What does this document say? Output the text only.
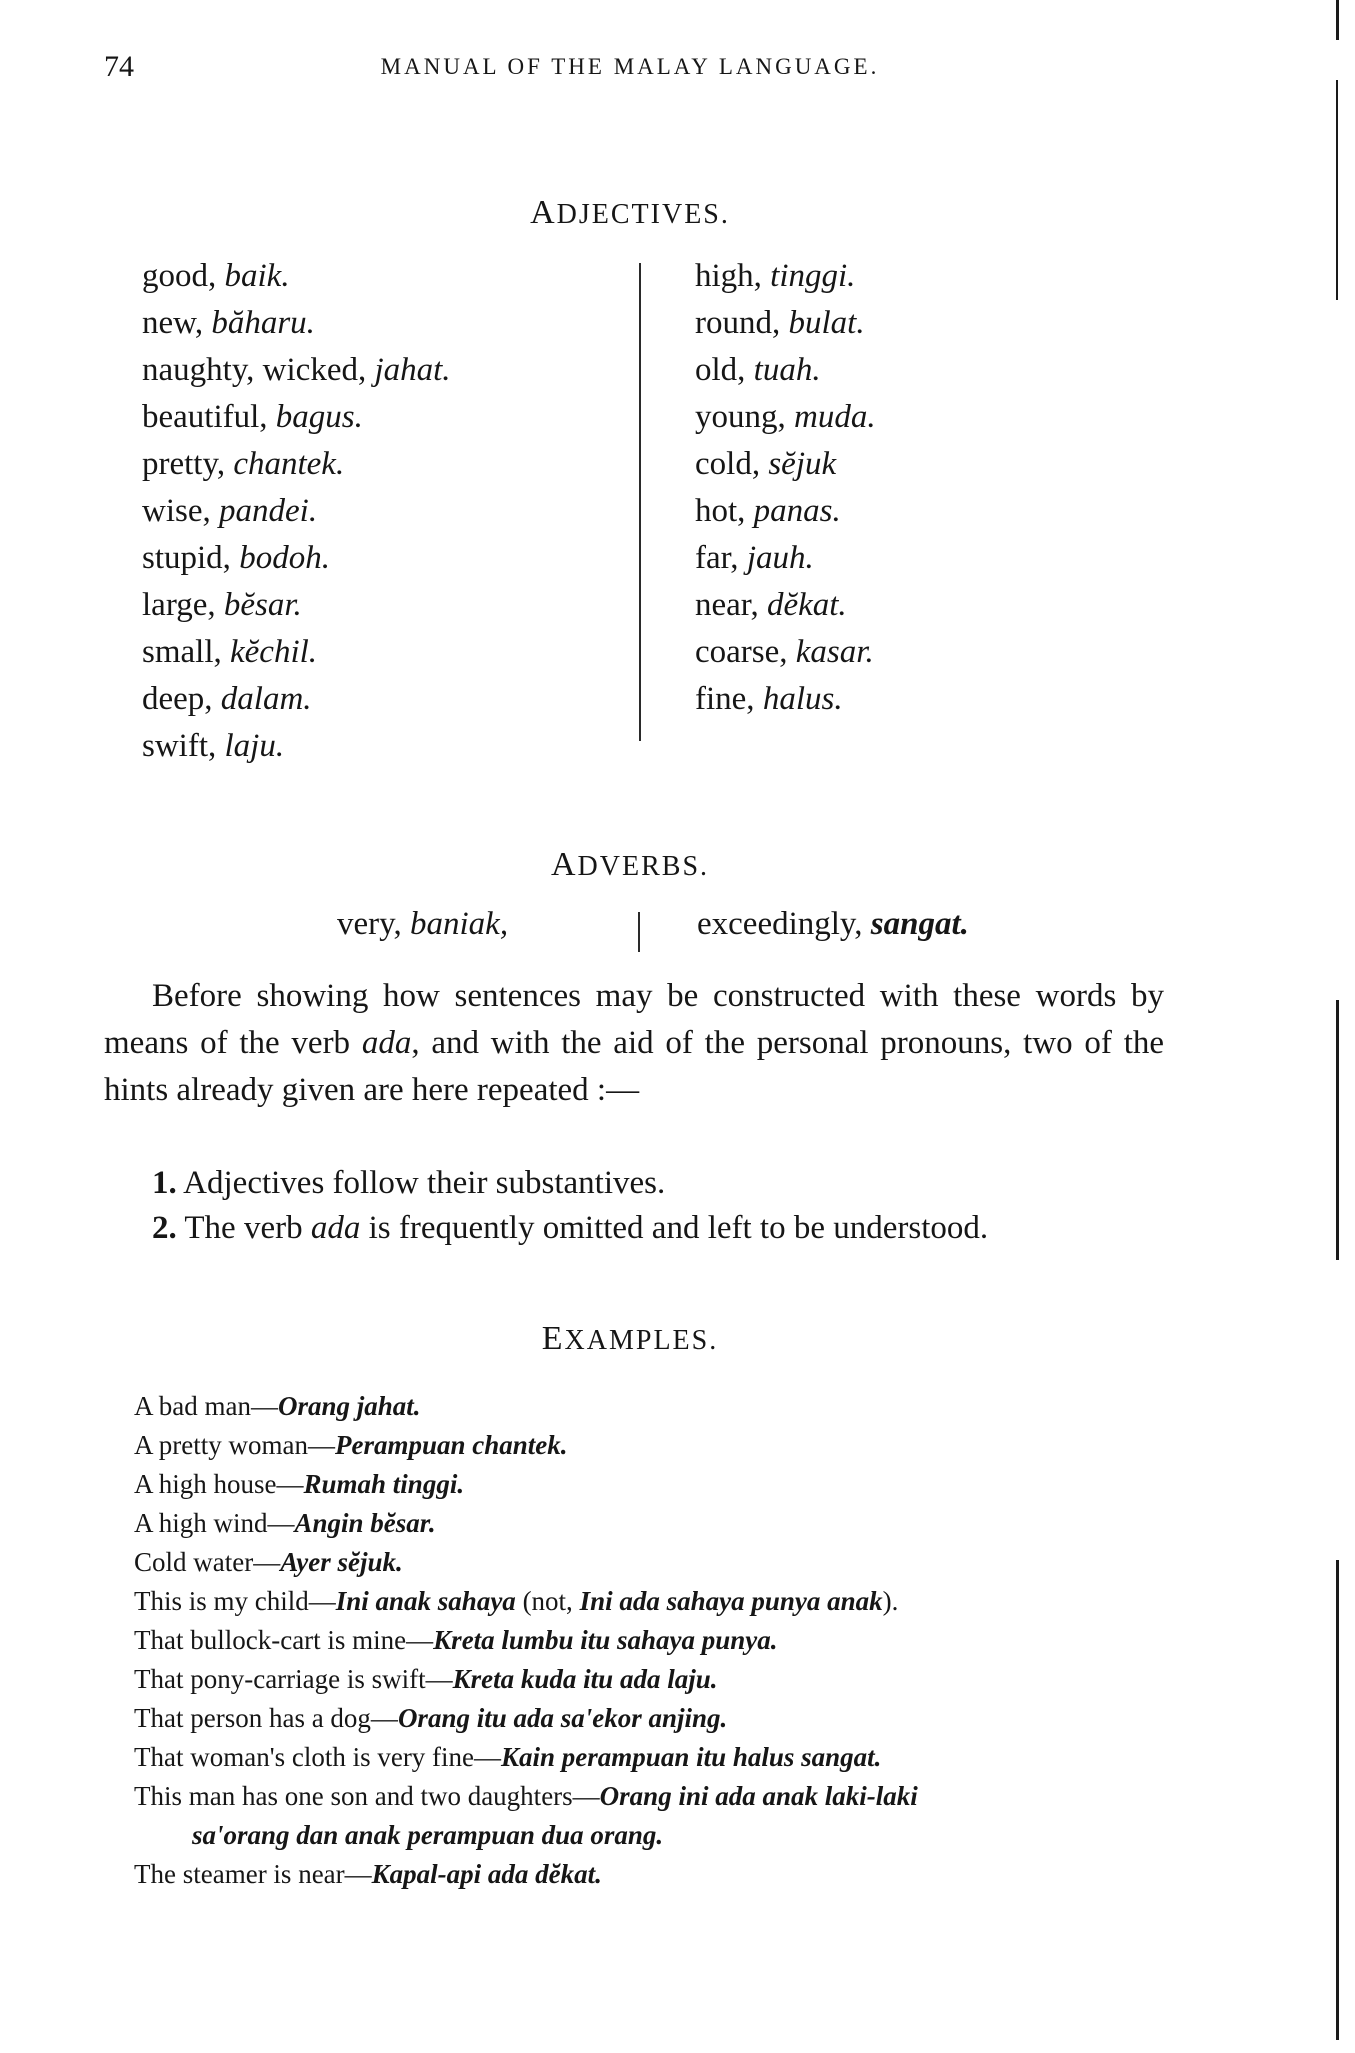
74	MANUAL OF THE MALAY LANGUAGE.
ADJECTIVES.
good, baik.
new, băharu.
naughty, wicked, jahat.
beautiful, bagus.
pretty, chantek.
wise, pandei.
stupid, bodoh.
large, bĕsar.
small, kĕchil.
deep, dalam.
swift, laju.
high, tinggi.
round, bulat.
old, tuah.
young, muda.
cold, sĕjuk
hot, panas.
far, jauh.
near, dĕkat.
coarse, kasar.
fine, halus.
ADVERBS.
very, baniak,	exceedingly, sangat.
Before showing how sentences may be constructed with these words by means of the verb ada, and with the aid of the personal pronouns, two of the hints already given are here repeated :—
1. Adjectives follow their substantives.
2. The verb ada is frequently omitted and left to be understood.
EXAMPLES.
A bad man—Orang jahat.
A pretty woman—Perampuan chantek.
A high house—Rumah tinggi.
A high wind—Angin bĕsar.
Cold water—Ayer sĕjuk.
This is my child—Ini anak sahaya (not, Ini ada sahaya punya anak).
That bullock-cart is mine—Kreta lumbu itu sahaya punya.
That pony-carriage is swift—Kreta kuda itu ada laju.
That person has a dog—Orang itu ada sa'ekor anjing.
That woman's cloth is very fine—Kain perampuan itu halus sangat.
This man has one son and two daughters—Orang ini ada anak laki-laki
sa'orang dan anak perampuan dua orang.
The steamer is near—Kapal-api ada dĕkat.
